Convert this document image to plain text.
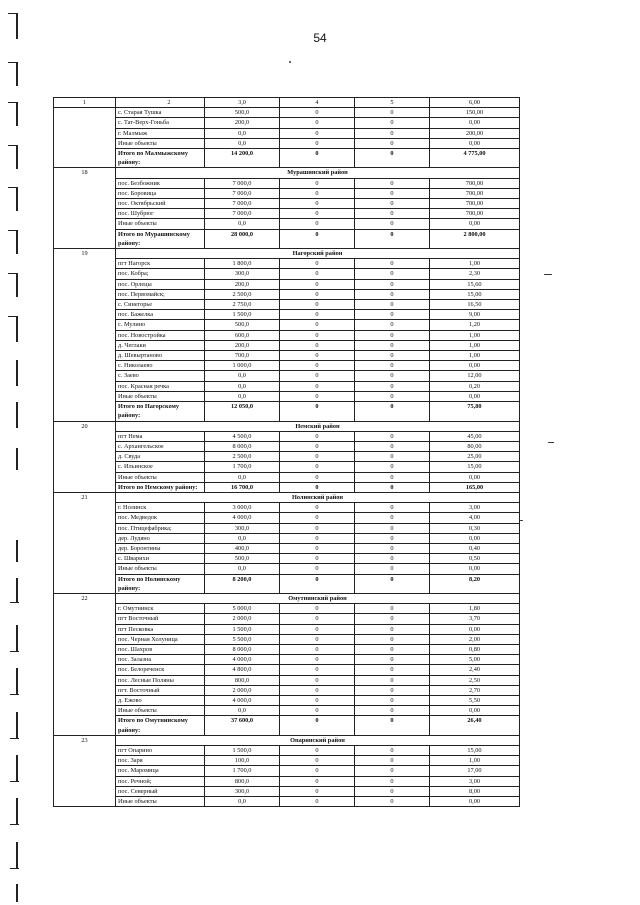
54
1	2	3,0	4	5	6,00
	с. Старая Тушка	500,0	0	0	150,00
	с. Тат-Верх-Гоньба	200,0	0	0	0,00
	г. Малмыж	0,0	0	0	200,00
	Иные объекты	0,0	0	0	0,00
	Итого по Малмыжскому району:	14 200,0	0	0	4 775,00
18	Мурашинский район				
	пос. Безбожник	7 000,0	0	0	700,00
	пос. Боровица	7 000,0	0	0	700,00
	пос. Октябрьский	7 000,0	0	0	700,00
	пос. Шубрюг	7 000,0	0	0	700,00
	Иные объекты	0,0	0	0	0,00
	Итого по Мурашинскому району:	28 000,0	0	0	2 800,00
19	Нагорский район				
	пгт Нагорск	1 800,0	0	0	1,00
	пос. Кобра;	300,0	0	0	2,30
	пос. Орлецы	200,0	0	0	15,60
	пос. Первомайск;	2 500,0	0	0	15,00
	с. Синегорье	2 750,0	0	0	16,50
	пос. Бажелка	1 500,0	0	0	9,00
	с. Мулино	500,0	0	0	1,20
	пос. Новостройка	600,0	0	0	1,00
	д. Чеглаки	200,0	0	0	1,00
	д. Шевыртаново	700,0	0	0	1,00
	с. Николаево	1 000,0	0	0	0,00
	с. Заево	0,0	0	0	12,00
	пос. Красная речка	0,0	0	0	0,20
	Иные объекты	0,0	0	0	0,00
	Итого по Нагорскому району:	12 050,0	0	0	75,80
20	Немский район				
	пгт Нема	4 500,0	0	0	45,00
	с. Архангельское	8 000,0	0	0	80,00
	д. Свуда	2 500,0	0	0	25,00
	с. Ильинское	1 700,0	0	0	15,00
	Иные объекты	0,0	0	0	0,00
	Итого по Немскому району:	16 700,0	0	0	165,00
21	Нолинский район				
	г. Нолинск	3 000,0	0	0	3,00
	пос. Медведок	4 000,0	0	0	4,00
	пос. Птицефабрика;	300,0	0	0	0,30
	дер. Лудяно	0,0	0	0	0,00
	дер. Боронтины	400,0	0	0	0,40
	с. Шварихи	500,0	0	0	0,50
	Иные объекты	0,0	0	0	0,00
	Итого по Нолинскому району:	8 200,0	0	0	8,20
22	Омутнинский район				
	г. Омутнинск	5 000,0	0	0	1,80
	пгт Восточный	2 000,0	0	0	3,70
	пгт Песковка	1 500,0	0	0	0,00
	пос. Черная Холуница	5 500,0	0	0	2,00
	пос. Шахров	8 000,0	0	0	0,80
	пос. Залазна	4 000,0	0	0	5,00
	пос. Белореченск	4 800,0	0	0	2,40
	пос. Лесные Поляны	800,0	0	0	2,50
	пгт. Восточный	2 000,0	0	0	2,70
	д. Ежово	4 000,0	0	0	5,50
	Иные объекты	0,0	0	0	0,00
	Итого по Омутнинскому району:	37 600,0	0	0	26,40
23	Опаринский район				
	пгт Опарино	1 500,0	0	0	15,00
	пос. Заря	100,0	0	0	1,00
	пос. Маромица	1 700,0	0	0	17,00
	пос. Речной;	800,0	0	0	3,00
	пос. Северный	300,0	0	0	8,00
	Иные объекты	0,0	0	0	0,00
